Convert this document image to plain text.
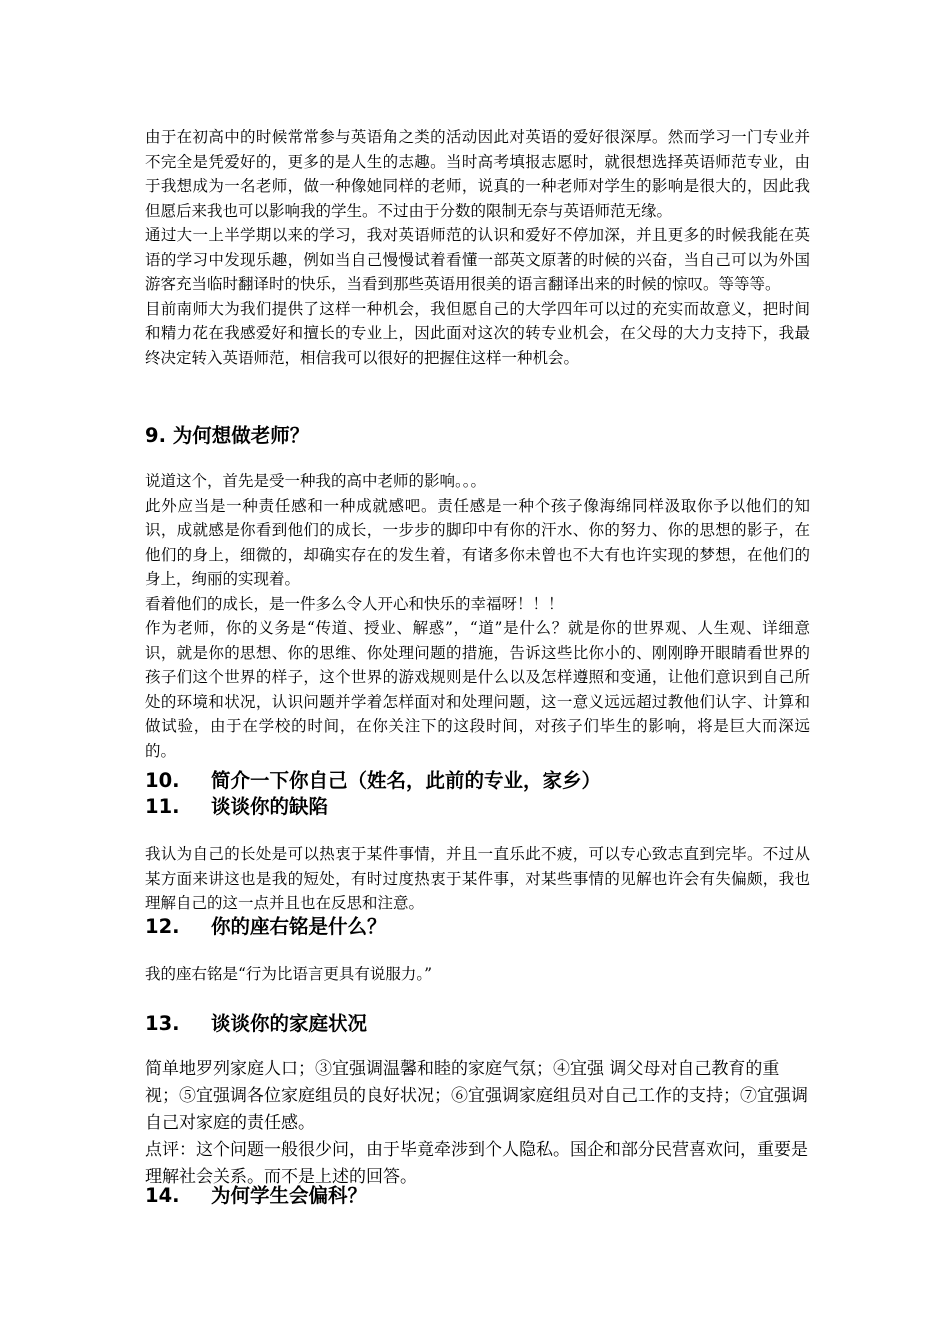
由于在初高中的时候常常参与英语角之类的活动因此对英语的爱好很深厚。然而学习一门专业并不完全是凭爱好的，更多的是人生的志趣。当时高考填报志愿时，就很想选择英语师范专业，由于我想成为一名老师，做一种像她同样的老师，说真的一种老师对学生的影响是很大的，因此我但愿后来我也可以影响我的学生。不过由于分数的限制无奈与英语师范无缘。

通过大一上半学期以来的学习，我对英语师范的认识和爱好不停加深，并且更多的时候我能在英语的学习中发现乐趣，例如当自己慢慢试着看懂一部英文原著的时候的兴奋，当自己可以为外国游客充当临时翻译时的快乐，当看到那些英语用很美的语言翻译出来的时候的惊叹。等等等。

目前南师大为我们提供了这样一种机会，我但愿自己的大学四年可以过的充实而故意义，把时间和精力花在我感爱好和擅长的专业上，因此面对这次的转专业机会，在父母的大力支持下，我最终决定转入英语师范，相信我可以很好的把握住这样一种机会。

9. 为何想做老师？

说道这个，首先是受一种我的高中老师的影响。。。

此外应当是一种责任感和一种成就感吧。责任感是一种个孩子像海绵同样汲取你予以他们的知识，成就感是你看到他们的成长，一步步的脚印中有你的汗水、你的努力、你的思想的影子，在他们的身上，细微的，却确实存在的发生着，有诸多你未曾也不大有也许实现的梦想，在他们的身上，绚丽的实现着。

看着他们的成长，是一件多么令人开心和快乐的幸福呀！！！

作为老师，你的义务是“传道、授业、解惑”，“道”是什么？就是你的世界观、人生观、详细意识，就是你的思想、你的思维、你处理问题的措施，告诉这些比你小的、刚刚睁开眼睛看世界的孩子们这个世界的样子，这个世界的游戏规则是什么以及怎样遵照和变通，让他们意识到自己所处的环境和状况，认识问题并学着怎样面对和处理问题，这一意义远远超过教他们认字、计算和做试验，由于在学校的时间，在你关注下的这段时间，对孩子们毕生的影响，将是巨大而深远的。

10. 简介一下你自己（姓名，此前的专业，家乡）
11. 谈谈你的缺陷

我认为自己的长处是可以热衷于某件事情，并且一直乐此不疲，可以专心致志直到完毕。不过从某方面来讲这也是我的短处，有时过度热衷于某件事，对某些事情的见解也许会有失偏颇，我也理解自己的这一点并且也在反思和注意。

12. 你的座右铭是什么？

我的座右铭是“行为比语言更具有说服力。”

13. 谈谈你的家庭状况

简单地罗列家庭人口；③宜强调温馨和睦的家庭气氛；④宜强 调父母对自己教育的重视；⑤宜强调各位家庭组员的良好状况；⑥宜强调家庭组员对自己工作的支持；⑦宜强调自己对家庭的责任感。

点评：这个问题一般很少问，由于毕竟牵涉到个人隐私。国企和部分民营喜欢问，重要是理解社会关系。而不是上述的回答。

14. 为何学生会偏科？
